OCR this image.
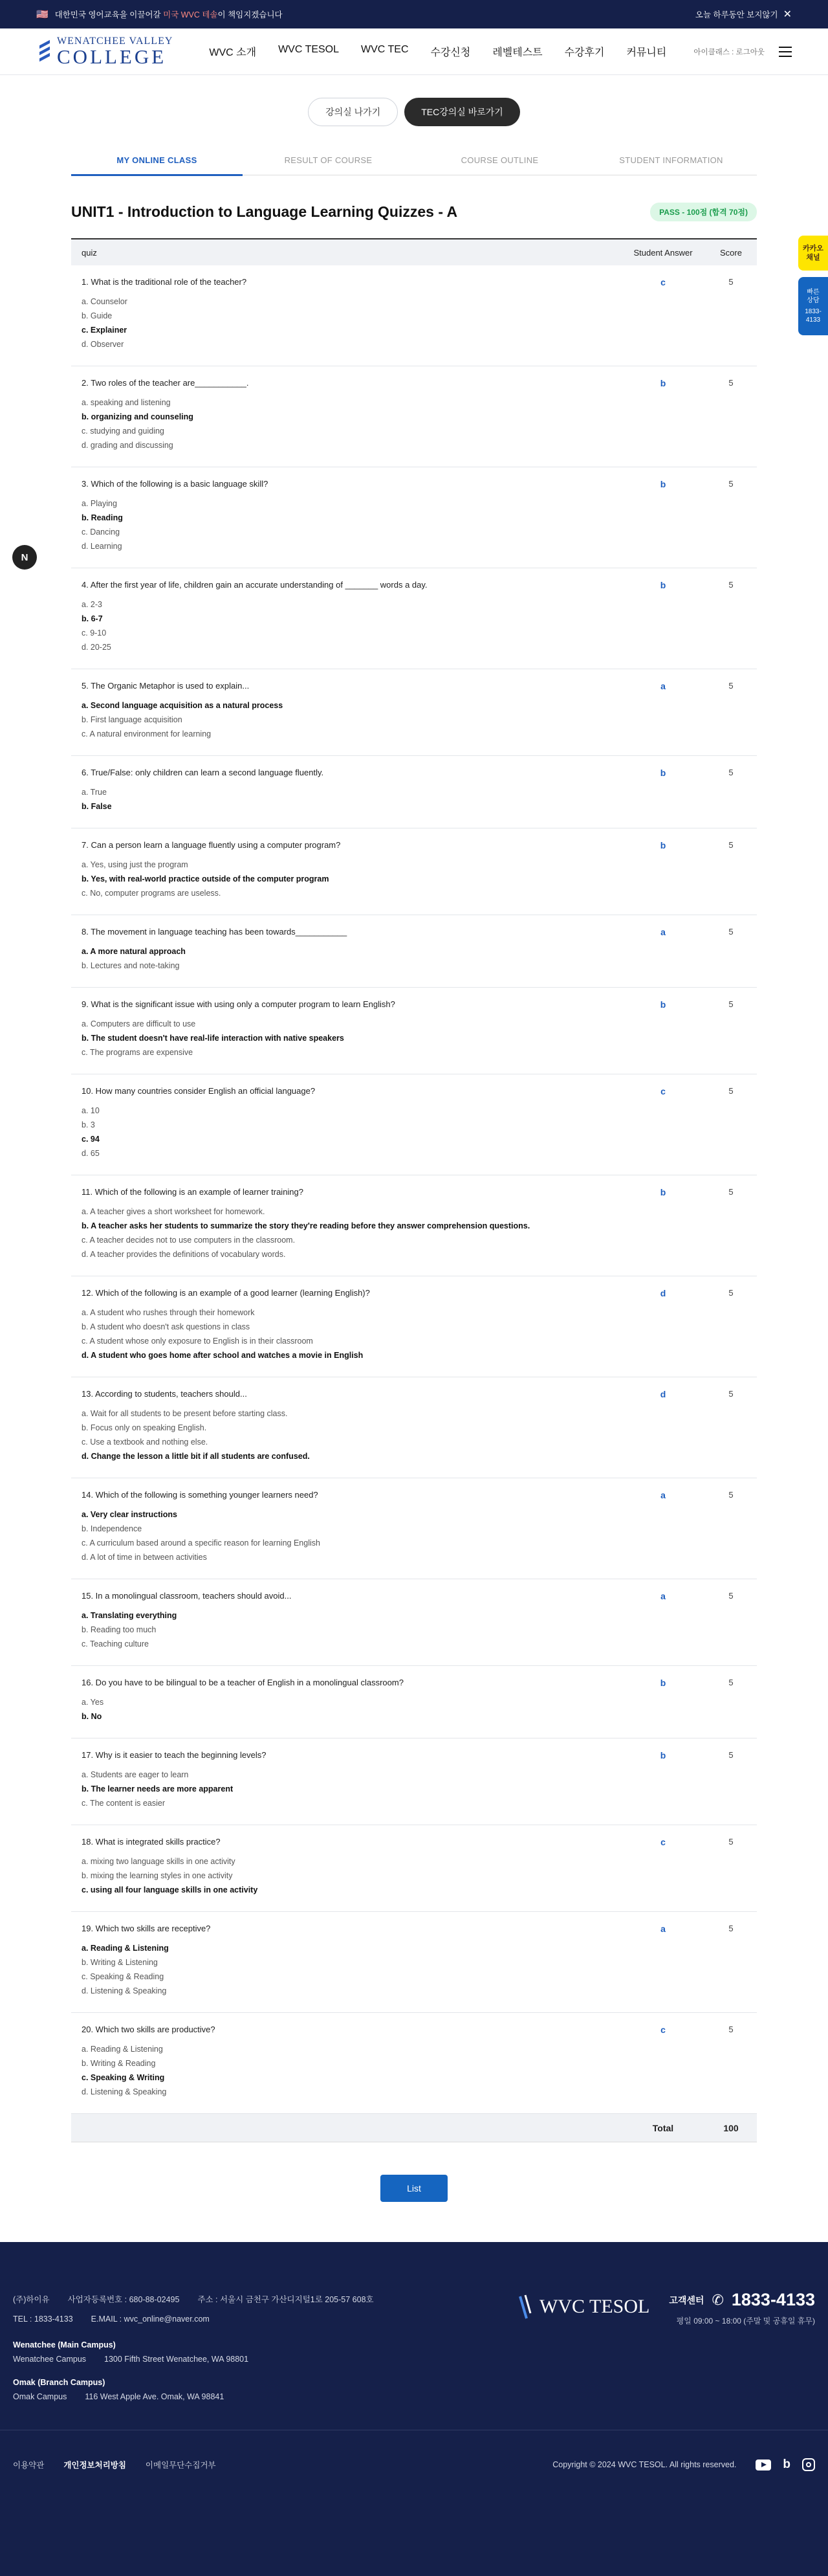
🇺🇸 대한민국 영어교육을 이끌어갈 미국 WVC 테솔이 책임지겠습니다	오늘 하루동안 보지않기 ✕
WENATCHEE VALLEY
COLLEGE	WVC 소개 WVC TESOL WVC TEC 수강신청 레벨테스트 수강후기 커뮤니티	아이클래스 : 로그아웃
강의실 나가기	TEC강의실 바로가기
MY ONLINE CLASS	RESULT OF COURSE	COURSE OUTLINE	STUDENT INFORMATION
UNIT1 - Introduction to Language Learning Quizzes - A	PASS - 100점 (합격 70점)
quiz	Student Answer	Score
1. What is the traditional role of the teacher?
a. Counselor
b. Guide
c. Explainer
d. Observer
c	5
2. Two roles of the teacher are___________.
a. speaking and listening
b. organizing and counseling
c. studying and guiding
d. grading and discussing
b	5
3. Which of the following is a basic language skill?
a. Playing
b. Reading
c. Dancing
d. Learning
b	5
4. After the first year of life, children gain an accurate understanding of _______ words a day.
a. 2-3
b. 6-7
c. 9-10
d. 20-25
b	5
5. The Organic Metaphor is used to explain...
a. Second language acquisition as a natural process
b. First language acquisition
c. A natural environment for learning
a	5
6. True/False: only children can learn a second language fluently.
a. True
b. False
b	5
7. Can a person learn a language fluently using a computer program?
a. Yes, using just the program
b. Yes, with real-world practice outside of the computer program
c. No, computer programs are useless.
b	5
8. The movement in language teaching has been towards___________
a. A more natural approach
b. Lectures and note-taking
a	5
9. What is the significant issue with using only a computer program to learn English?
a. Computers are difficult to use
b. The student doesn't have real-life interaction with native speakers
c. The programs are expensive
b	5
10. How many countries consider English an official language?
a. 10
b. 3
c. 94
d. 65
c	5
11. Which of the following is an example of learner training?
a. A teacher gives a short worksheet for homework.
b. A teacher asks her students to summarize the story they're reading before they answer comprehension questions.
c. A teacher decides not to use computers in the classroom.
d. A teacher provides the definitions of vocabulary words.
b	5
12. Which of the following is an example of a good learner (learning English)?
a. A student who rushes through their homework
b. A student who doesn't ask questions in class
c. A student whose only exposure to English is in their classroom
d. A student who goes home after school and watches a movie in English
d	5
13. According to students, teachers should...
a. Wait for all students to be present before starting class.
b. Focus only on speaking English.
c. Use a textbook and nothing else.
d. Change the lesson a little bit if all students are confused.
d	5
14. Which of the following is something younger learners need?
a. Very clear instructions
b. Independence
c. A curriculum based around a specific reason for learning English
d. A lot of time in between activities
a	5
15. In a monolingual classroom, teachers should avoid...
a. Translating everything
b. Reading too much
c. Teaching culture
a	5
16. Do you have to be bilingual to be a teacher of English in a monolingual classroom?
a. Yes
b. No
b	5
17. Why is it easier to teach the beginning levels?
a. Students are eager to learn
b. The learner needs are more apparent
c. The content is easier
b	5
18. What is integrated skills practice?
a. mixing two language skills in one activity
b. mixing the learning styles in one activity
c. using all four language skills in one activity
c	5
19. Which two skills are receptive?
a. Reading & Listening
b. Writing & Listening
c. Speaking & Reading
d. Listening & Speaking
a	5
20. Which two skills are productive?
a. Reading & Listening
b. Writing & Reading
c. Speaking & Writing
d. Listening & Speaking
c	5
Total	100
List
(주)하이유 사업자등록번호 : 680-88-02495 주소 : 서울시 금천구 가산디지털1로 205-57 608호
TEL : 1833-4133 E.MAIL : wvc_online@naver.com
Wenatchee (Main Campus)
Wenatchee Campus 1300 Fifth Street Wenatchee, WA 98801
Omak (Branch Campus)
Omak Campus 116 West Apple Ave. Omak, WA 98841
WVC TESOL 고객센터 ✆ 1833-4133
평일 09:00 ~ 18:00 (주말 및 공휴일 휴무)
이용약관 개인정보처리방침 이메일무단수집거부	Copyright © 2024 WVC TESOL. All rights reserved.	b
카카오
채널
빠른
상담
1833-
4133
N
